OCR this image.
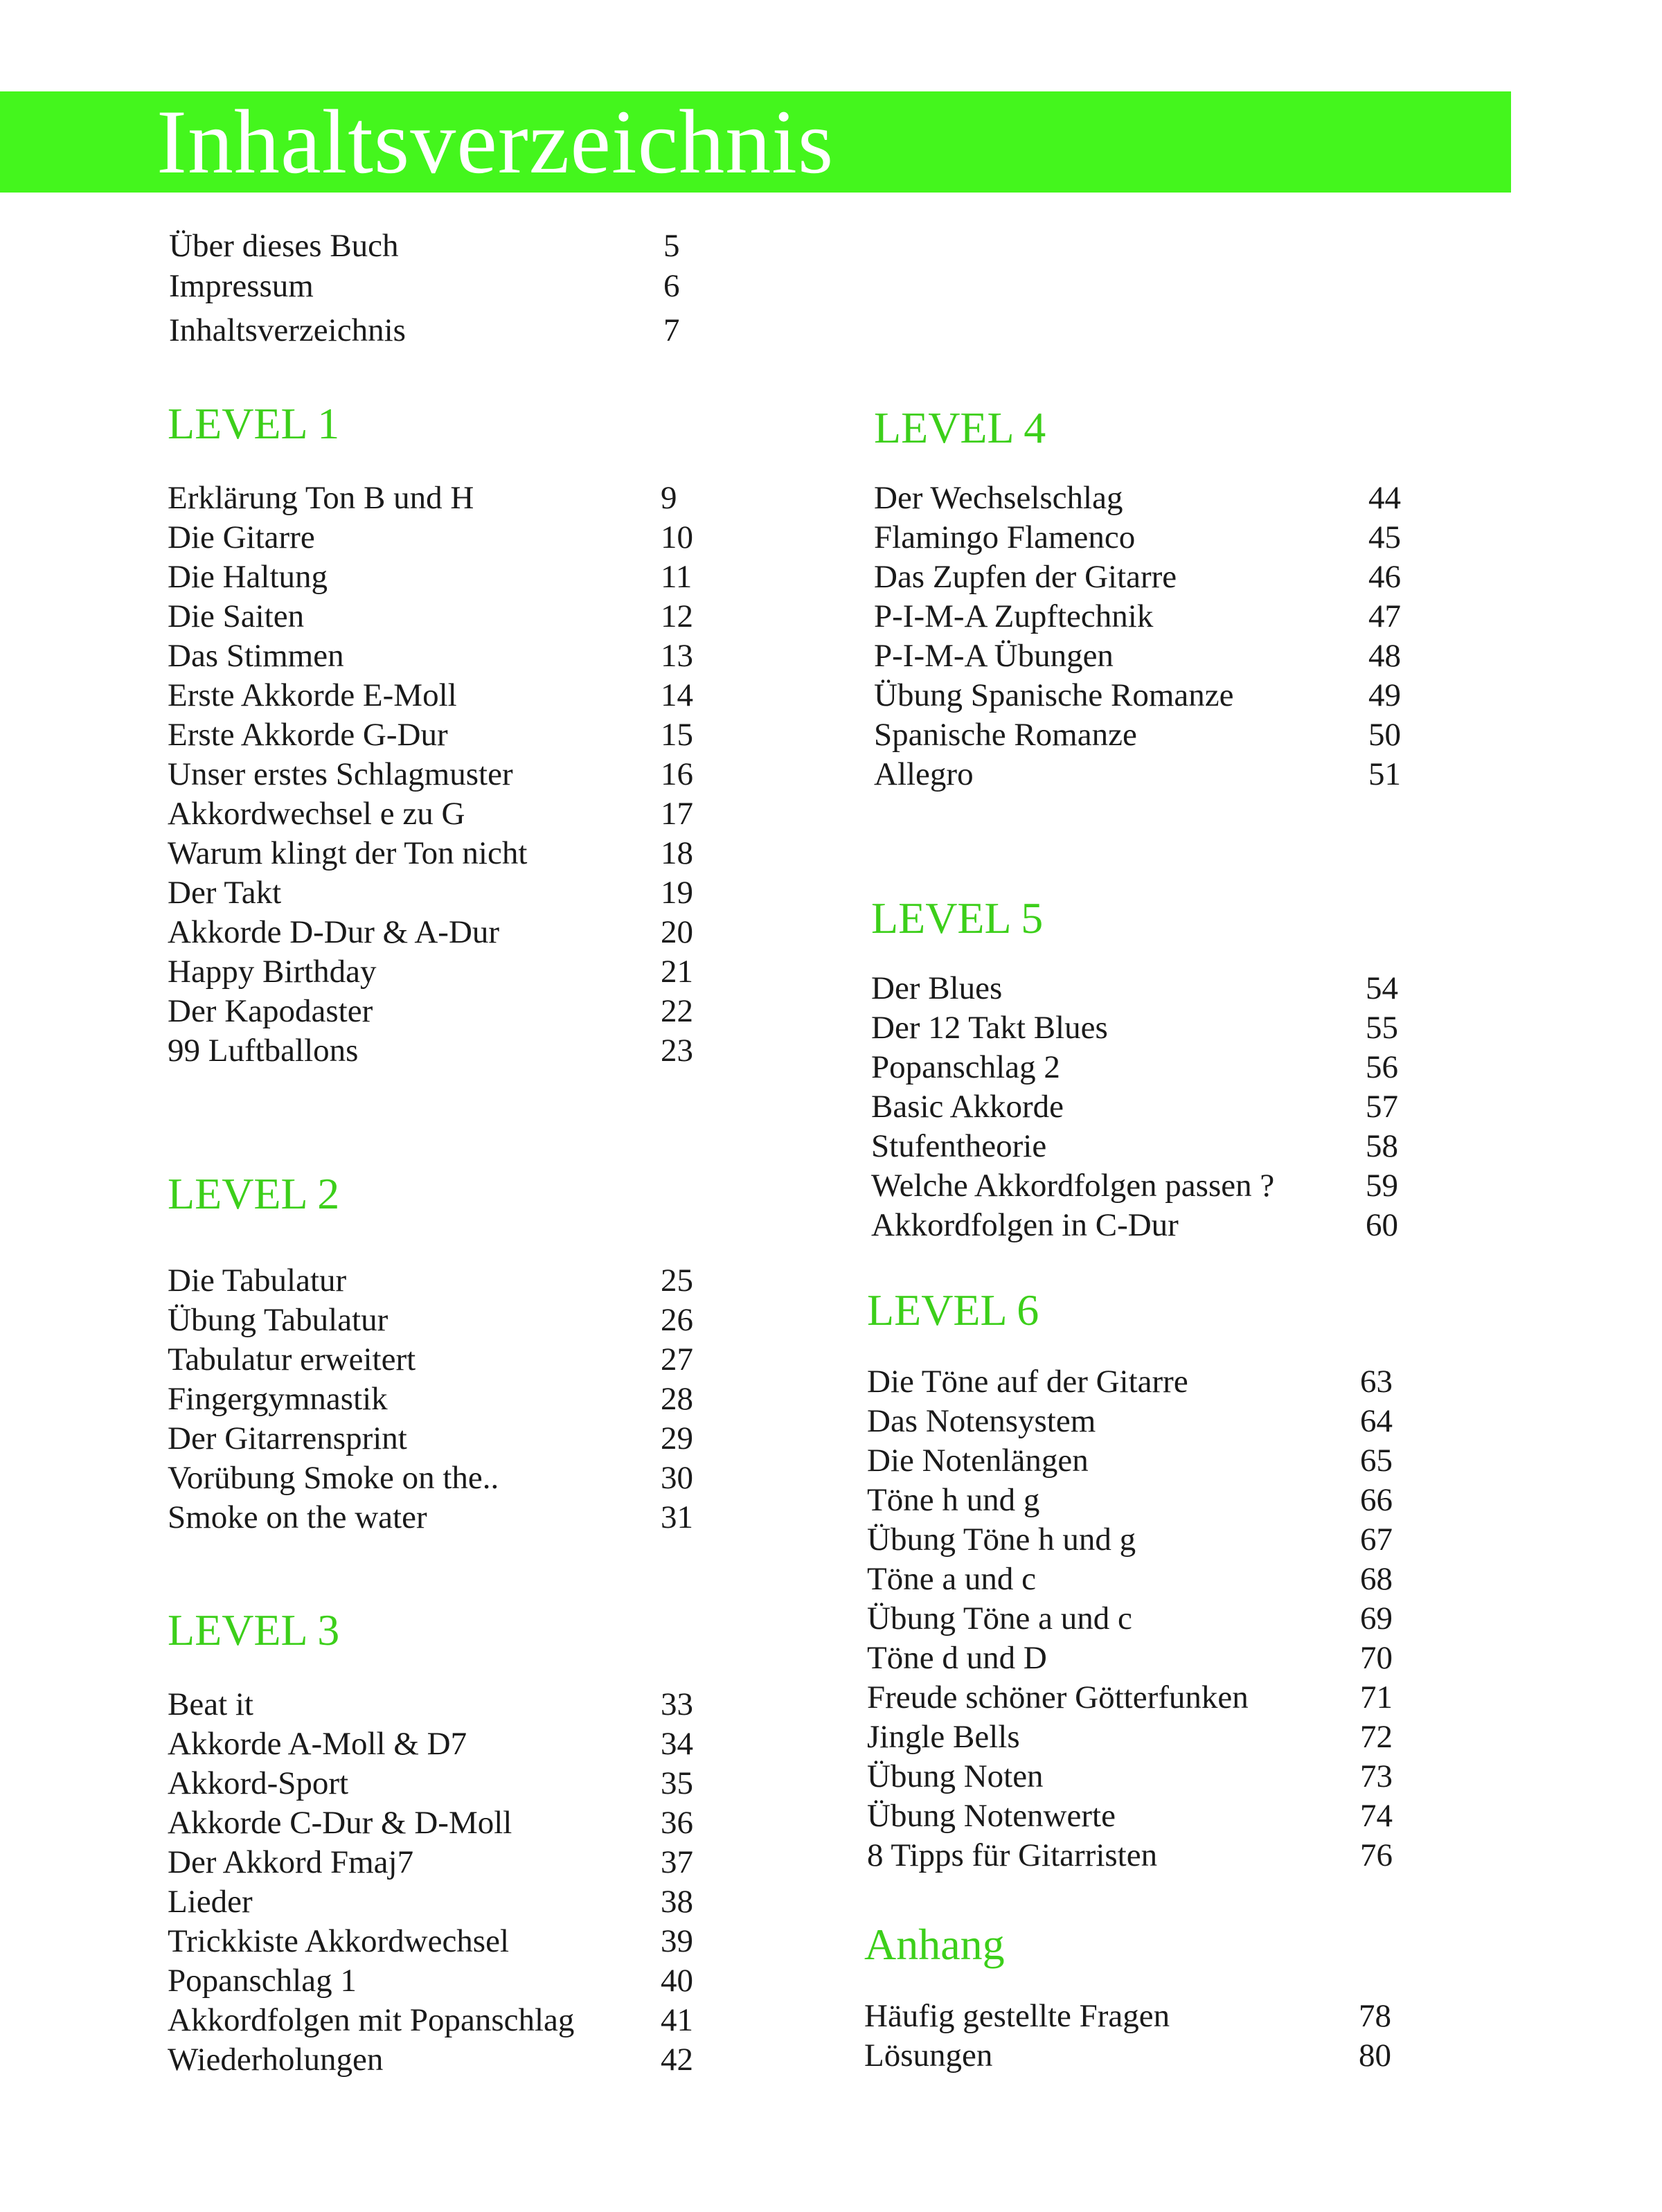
Inhaltsverzeichnis
Über dieses Buch	5
Impressum	6
Inhaltsverzeichnis	7
LEVEL 1
Erklärung Ton B und H	9
Die Gitarre	10
Die Haltung	11
Die Saiten	12
Das Stimmen	13
Erste Akkorde E-Moll	14
Erste Akkorde G-Dur	15
Unser erstes Schlagmuster	16
Akkordwechsel e zu G	17
Warum klingt der Ton nicht	18
Der Takt	19
Akkorde D-Dur & A-Dur	20
Happy Birthday	21
Der Kapodaster	22
99 Luftballons	23
LEVEL 2
Die Tabulatur	25
Übung Tabulatur	26
Tabulatur erweitert	27
Fingergymnastik	28
Der Gitarrensprint	29
Vorübung Smoke on the..	30
Smoke on the water	31
LEVEL 3
Beat it	33
Akkorde A-Moll & D7	34
Akkord-Sport	35
Akkorde C-Dur & D-Moll	36
Der Akkord Fmaj7	37
Lieder	38
Trickkiste Akkordwechsel	39
Popanschlag 1	40
Akkordfolgen mit Popanschlag	41
Wiederholungen	42
LEVEL 4
Der Wechselschlag	44
Flamingo Flamenco	45
Das Zupfen der Gitarre	46
P-I-M-A Zupftechnik	47
P-I-M-A Übungen	48
Übung Spanische Romanze	49
Spanische Romanze	50
Allegro	51
LEVEL 5
Der Blues	54
Der 12 Takt Blues	55
Popanschlag 2	56
Basic Akkorde	57
Stufentheorie	58
Welche Akkordfolgen passen ?	59
Akkordfolgen in C-Dur	60
LEVEL 6
Die Töne auf der Gitarre	63
Das Notensystem	64
Die Notenlängen	65
Töne h und g	66
Übung Töne h und g	67
Töne a und c	68
Übung Töne a und c	69
Töne d und D	70
Freude schöner Götterfunken	71
Jingle Bells	72
Übung Noten	73
Übung Notenwerte	74
8 Tipps für Gitarristen	76
Anhang
Häufig gestellte Fragen	78
Lösungen	80
